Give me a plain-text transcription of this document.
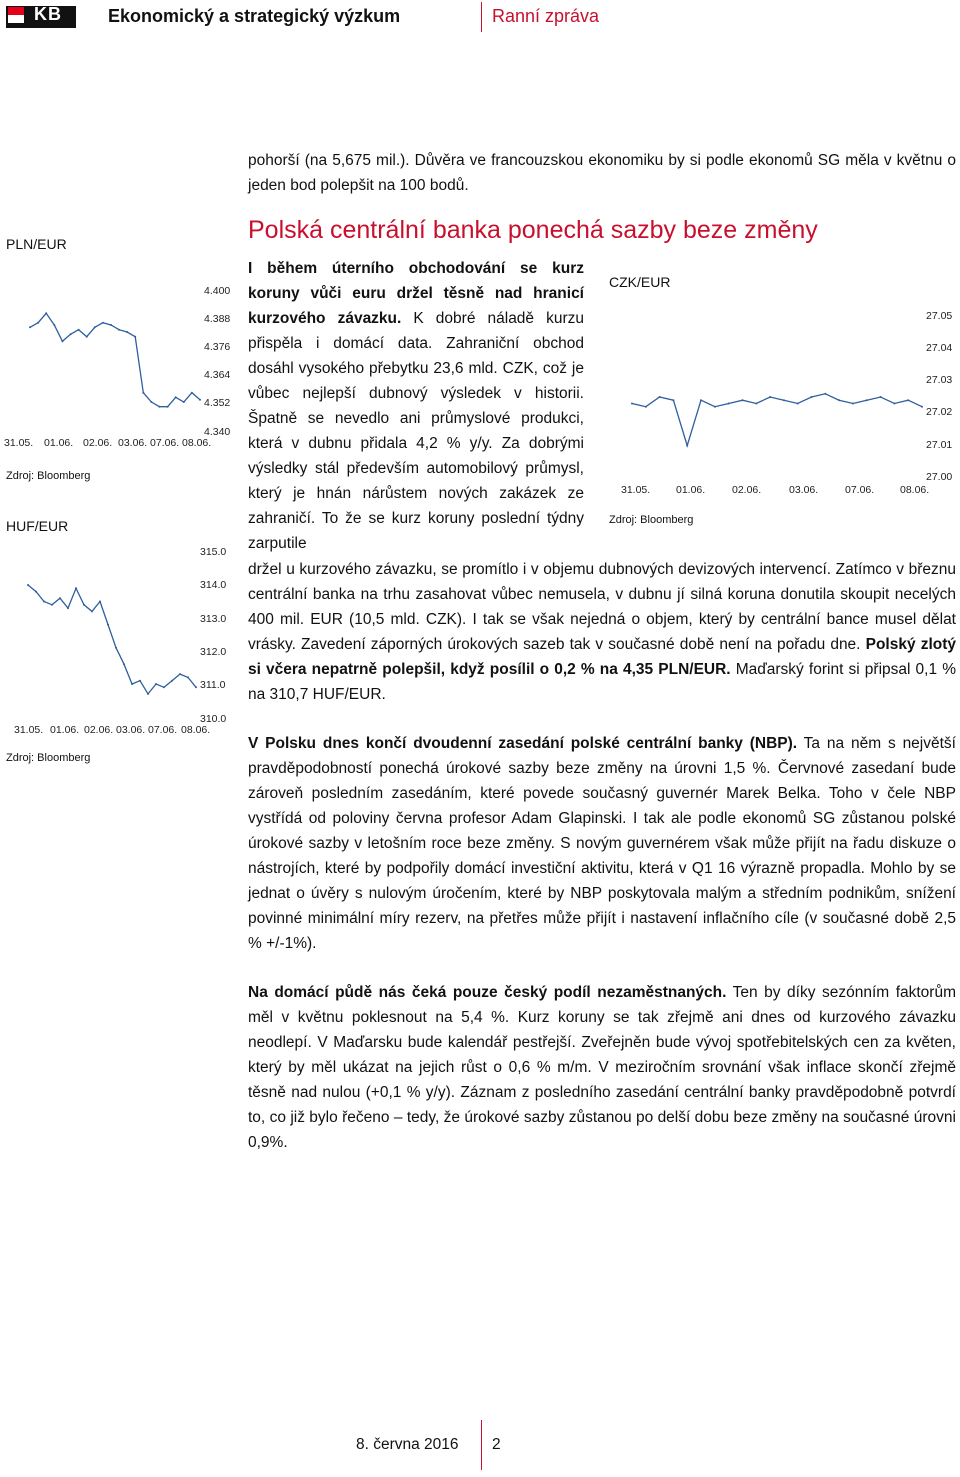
KB	Ekonomický a strategický výzkum	Ranní zpráva
pohorší (na 5,675 mil.). Důvěra ve francouzskou ekonomiku by si podle ekonomů SG měla v květnu o jeden bod polepšit na 100 bodů.
Polská centrální banka ponechá sazby beze změny
PLN/EUR
4.400
4.388
4.376
4.364
4.352
4.340
31.05. 01.06. 02.06. 03.06. 07.06. 08.06.
Zdroj: Bloomberg
HUF/EUR
315.0
314.0
313.0
312.0
311.0
310.0
31.05. 01.06. 02.06. 03.06. 07.06. 08.06.
Zdroj: Bloomberg
I během úterního obchodování se kurz koruny vůči euru držel těsně nad hranicí kurzového závazku. K dobré náladě kurzu přispěla i domácí data. Zahraniční obchod dosáhl vysokého přebytku 23,6 mld. CZK, což je vůbec nejlepší dubnový výsledek v historii. Špatně se nevedlo ani průmyslové produkci, která v dubnu přidala 4,2 % y/y. Za dobrými výsledky stál především automobilový průmysl, který je hnán nárůstem nových zakázek ze zahraničí. To že se kurz koruny poslední týdny zarputile
CZK/EUR
27.05
27.04
27.03
27.02
27.01
27.00
31.05. 01.06.	02.06.	03.06.	07.06. 08.06.
Zdroj: Bloomberg
držel u kurzového závazku, se promítlo i v objemu dubnových devizových intervencí. Zatímco v březnu centrální banka na trhu zasahovat vůbec nemusela, v dubnu jí silná koruna donutila skoupit necelých 400 mil. EUR (10,5 mld. CZK). I tak se však nejedná o objem, který by centrální bance musel dělat vrásky. Zavedení záporných úrokových sazeb tak v současné době není na pořadu dne. Polský zlotý si včera nepatrně polepšil, když posílil o 0,2 % na 4,35 PLN/EUR. Maďarský forint si připsal 0,1 % na 310,7 HUF/EUR.
V Polsku dnes končí dvoudenní zasedání polské centrální banky (NBP). Ta na něm s největší pravděpodobností ponechá úrokové sazby beze změny na úrovni 1,5 %. Červnové zasedaní bude zároveň posledním zasedáním, které povede současný guvernér Marek Belka. Toho v čele NBP vystřídá od poloviny června profesor Adam Glapinski. I tak ale podle ekonomů SG zůstanou polské úrokové sazby v letošním roce beze změny. S novým guvernérem však může přijít na řadu diskuze o nástrojích, které by podpořily domácí investiční aktivitu, která v Q1 16 výrazně propadla. Mohlo by se jednat o úvěry s nulovým úročením, které by NBP poskytovala malým a středním podnikům, snížení povinné minimální míry rezerv, na přetřes může přijít i nastavení inflačního cíle (v současné době 2,5 % +/-1%).
Na domácí půdě nás čeká pouze český podíl nezaměstnaných. Ten by díky sezónním faktorům měl v květnu poklesnout na 5,4 %. Kurz koruny se tak zřejmě ani dnes od kurzového závazku neodlepí. V Maďarsku bude kalendář pestřejší. Zveřejněn bude vývoj spotřebitelských cen za květen, který by měl ukázat na jejich růst o 0,6 % m/m. V meziročním srovnání však inflace skončí zřejmě těsně nad nulou (+0,1 % y/y). Záznam z posledního zasedání centrální banky pravděpodobně potvrdí to, co již bylo řečeno – tedy, že úrokové sazby zůstanou po delší dobu beze změny na současné úrovni 0,9%.
8. června 2016 2
